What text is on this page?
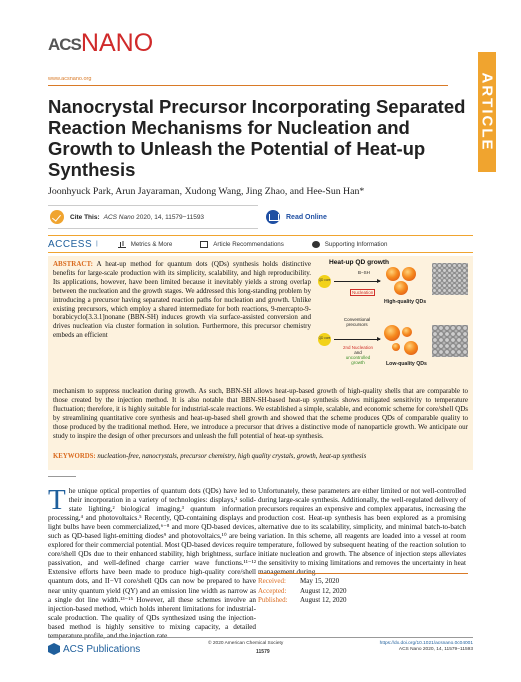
ACS NANO
www.acsnano.org	ARTICLE
Nanocrystal Precursor Incorporating Separated Reaction Mechanisms for Nucleation and Growth to Unleash the Potential of Heat-up Synthesis
Joonhyuck Park, Arun Jayaraman, Xudong Wang, Jing Zhao, and Hee-Sun Han*
Cite This: ACS Nano 2020, 14, 11579−11593	Read Online
ACCESS |	Metrics & More	Article Recommendations	Supporting Information

ABSTRACT: A heat-up method for quantum dots (QDs) synthesis holds distinctive benefits for large-scale production with its simplicity, scalability, and high reproducibility. Its applications, however, have been limited because it inevitably yields a strong overlap between the nucleation and the growth stages. We addressed this long-standing problem by introducing a precursor having separated reaction paths for nucleation and growth. Unlike existing precursors, which employ a shared intermediate for both reactions, 9-mercapto-9-borabicyclo[3.3.1]nonane (BBN-SH) induces growth via surface-assisted conversion and drives nucleation via cluster formation in solution. Furthermore, this precursor chemistry embeds an efficient

Heat-up QD growth
QD core
B−SH
Nucleation
High-quality QDs
Conventional precursors
QD core
2nd Nucleation
and
uncontrolled
growth	Low-quality QDs

mechanism to suppress nucleation during growth. As such, BBN-SH allows heat-up-based growth of high-quality shells that are comparable to those created by the injection method. It is also notable that BBN-SH-based heat-up synthesis shows mitigated sensitivity to temperature fluctuation; therefore, it is highly suitable for industrial-scale reactions. We established a simple, scalable, and economic scheme for core/shell QDs by streamlining quantitative core synthesis and heat-up-based shell growth and showed that the scheme produces QDs of comparable quality to those produced by the traditional method. Here, we introduce a precursor that drives a distinctive mode of nanoparticle growth. We anticipate our study to inspire the design of other precursors and unleash the full potential of heat-up synthesis.

KEYWORDS: nucleation-free, nanocrystals, precursor chemistry, high quality crystals, growth, heat-up synthesis

The unique optical properties of quantum dots (QDs) have led to their incorporation in a variety of technologies: displays,¹ solid-state lighting,² biological imaging,³ quantum information processing,⁴ and photovoltaics.⁵ Recently, QD-containing displays and light bulbs have been commercialized,⁶⁻⁸ and more QD-based devices, such as QD-based light-emitting diodes⁹ and photovoltaics,¹⁰ are being explored for their commercial potential. Most QD-based devices require core/shell QDs due to their enhanced stability, high brightness, surface passivation, and well-defined charge carrier wave functions.¹¹⁻¹² Extensive efforts have been made to produce high-quality core/shell quantum dots, and II−VI core/shell QDs can now be prepared to have near unity quantum yield (QY) and an emission line width as narrow as a single dot line width.¹³⁻¹⁵ However, all these schemes involve an injection-based method, which holds inherent limitations for industrial-scale production. The quality of QDs synthesized using the injection-based method is highly sensitive to mixing capacity, a detailed temperature profile, and the injection rate.
Unfortunately, these parameters are either limited or not well-controlled during large-scale synthesis. Additionally, the well-regulated delivery of precursors requires an expensive and complex apparatus, increasing the production cost. Heat-up synthesis has been explored as a promising alternative due to its scalability, simplicity, and minimal batch-to-batch variation. In this scheme, all reagents are loaded into a vessel at room temperature, followed by subsequent heating of the reaction solution to initiate nucleation and growth. The absence of injection steps alleviates the sensitivity to mixing limitations and removes the uncertainty in heat management during
Received: May 15, 2020
Accepted: August 12, 2020
Published: August 12, 2020
ACS Publications	© 2020 American Chemical Society
11579
https://dx.doi.org/10.1021/acsnano.0c04001
ACS Nano 2020, 14, 11579−11593
